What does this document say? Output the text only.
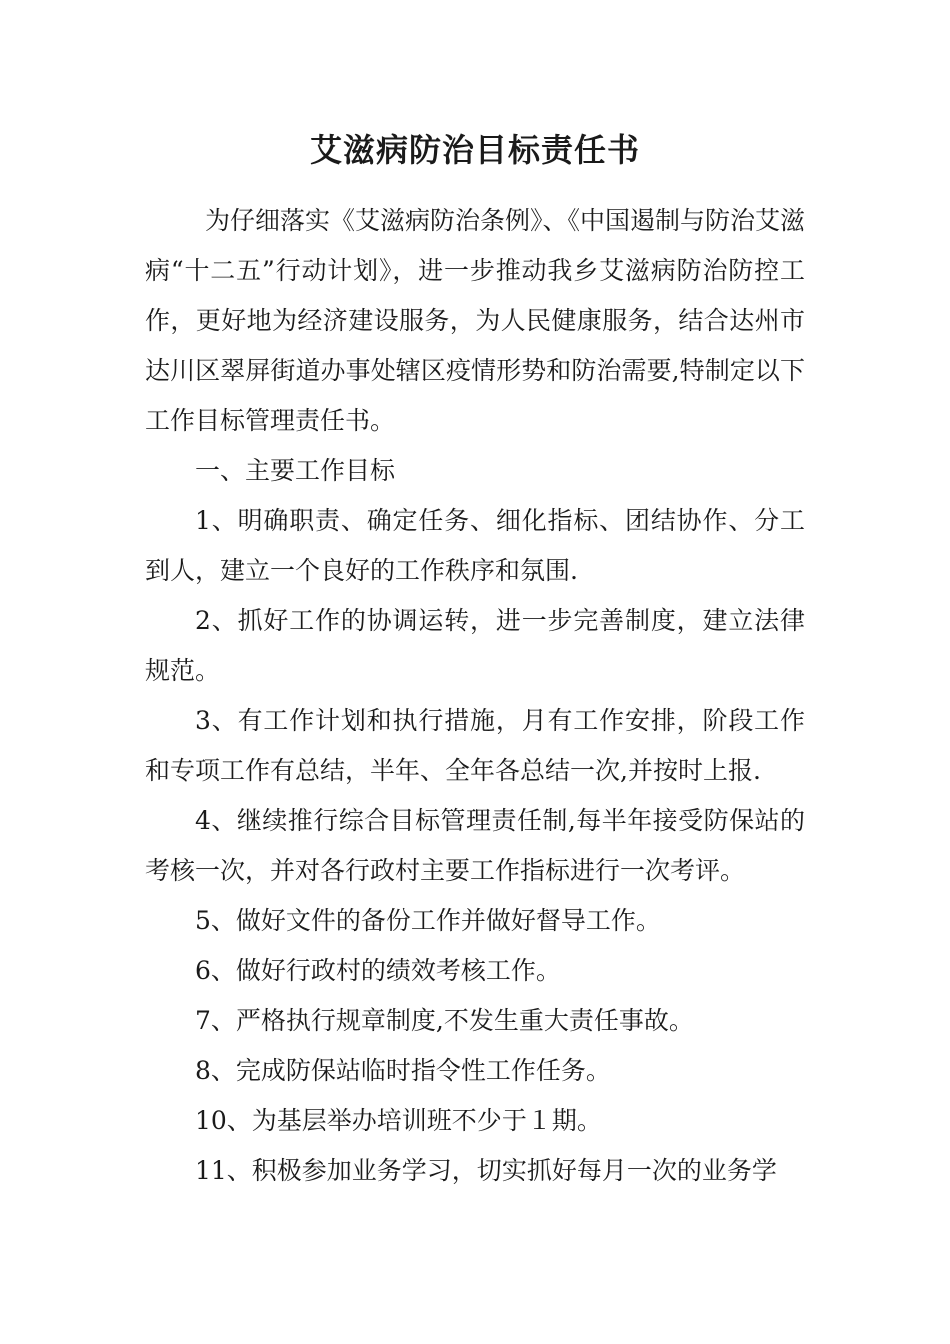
艾滋病防治目标责任书

为仔细落实《艾滋病防治条例》、《中国遏制与防治艾滋病“十二五”行动计划》，进一步推动我乡艾滋病防治防控工作，更好地为经济建设服务，为人民健康服务，结合达州市达川区翠屏街道办事处辖区疫情形势和防治需要,特制定以下工作目标管理责任书。

一、主要工作目标

1、明确职责、确定任务、细化指标、团结协作、分工到人，建立一个良好的工作秩序和氛围.

2、抓好工作的协调运转，进一步完善制度，建立法律规范。

3、有工作计划和执行措施，月有工作安排，阶段工作和专项工作有总结，半年、全年各总结一次,并按时上报.

4、继续推行综合目标管理责任制,每半年接受防保站的考核一次，并对各行政村主要工作指标进行一次考评。

5、做好文件的备份工作并做好督导工作。

6、做好行政村的绩效考核工作。

7、严格执行规章制度,不发生重大责任事故。

8、完成防保站临时指令性工作任务。

10、为基层举办培训班不少于１期。

11、积极参加业务学习，切实抓好每月一次的业务学
